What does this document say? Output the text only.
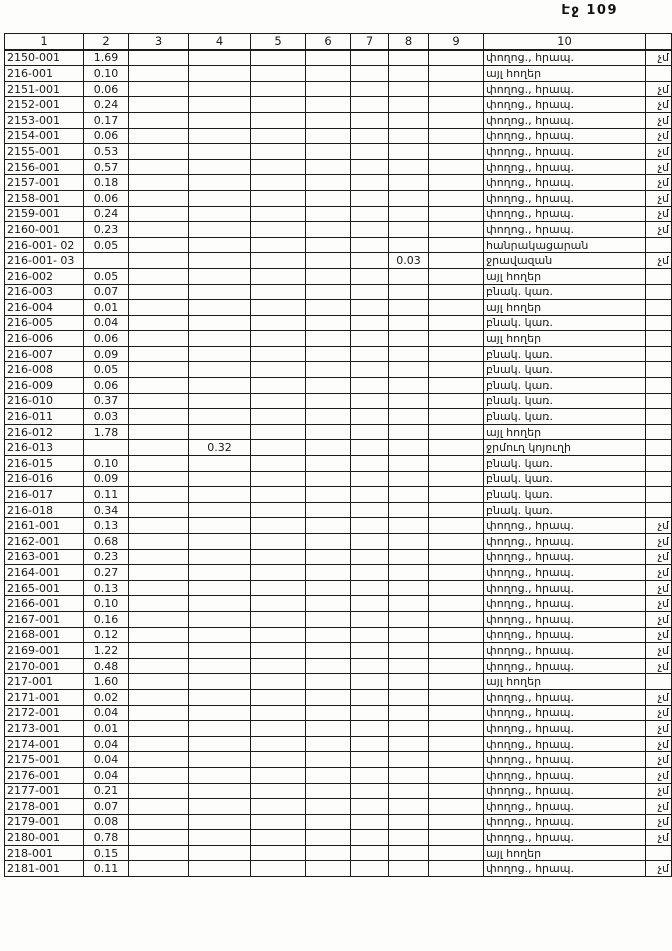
Էջ 109
1	2	3	4	5	6	7	8	9	10	
2150-001	1.69								փողոց., հրապ.	չմ
216-001	0.10								այլ հողեր	
2151-001	0.06								փողոց., հրապ.	չմ
2152-001	0.24								փողոց., հրապ.	չմ
2153-001	0.17								փողոց., հրապ.	չմ
2154-001	0.06								փողոց., հրապ.	չմ
2155-001	0.53								փողոց., հրապ.	չմ
2156-001	0.57								փողոց., հրապ.	չմ
2157-001	0.18								փողոց., հրապ.	չմ
2158-001	0.06								փողոց., հրապ.	չմ
2159-001	0.24								փողոց., հրապ.	չմ
2160-001	0.23								փողոց., հրապ.	չմ
216-001- 02	0.05								հանրակացարան	
216-001- 03							0.03		ջրավազան	չմ
216-002	0.05								այլ հողեր	
216-003	0.07								բնակ. կառ.	
216-004	0.01								այլ հողեր	
216-005	0.04								բնակ. կառ.	
216-006	0.06								այլ հողեր	
216-007	0.09								բնակ. կառ.	
216-008	0.05								բնակ. կառ.	
216-009	0.06								բնակ. կառ.	
216-010	0.37								բնակ. կառ.	
216-011	0.03								բնակ. կառ.	
216-012	1.78								այլ հողեր	
216-013			0.32						ջրմուղ կոյուղի	
216-015	0.10								բնակ. կառ.	
216-016	0.09								բնակ. կառ.	
216-017	0.11								բնակ. կառ.	
216-018	0.34								բնակ. կառ.	
2161-001	0.13								փողոց., հրապ.	չմ
2162-001	0.68								փողոց., հրապ.	չմ
2163-001	0.23								փողոց., հրապ.	չմ
2164-001	0.27								փողոց., հրապ.	չմ
2165-001	0.13								փողոց., հրապ.	չմ
2166-001	0.10								փողոց., հրապ.	չմ
2167-001	0.16								փողոց., հրապ.	չմ
2168-001	0.12								փողոց., հրապ.	չմ
2169-001	1.22								փողոց., հրապ.	չմ
2170-001	0.48								փողոց., հրապ.	չմ
217-001	1.60								այլ հողեր	
2171-001	0.02								փողոց., հրապ.	չմ
2172-001	0.04								փողոց., հրապ.	չմ
2173-001	0.01								փողոց., հրապ.	չմ
2174-001	0.04								փողոց., հրապ.	չմ
2175-001	0.04								փողոց., հրապ.	չմ
2176-001	0.04								փողոց., հրապ.	չմ
2177-001	0.21								փողոց., հրապ.	չմ
2178-001	0.07								փողոց., հրապ.	չմ
2179-001	0.08								փողոց., հրապ.	չմ
2180-001	0.78								փողոց., հրապ.	չմ
218-001	0.15								այլ հողեր	
2181-001	0.11								փողոց., հրապ.	չմ
